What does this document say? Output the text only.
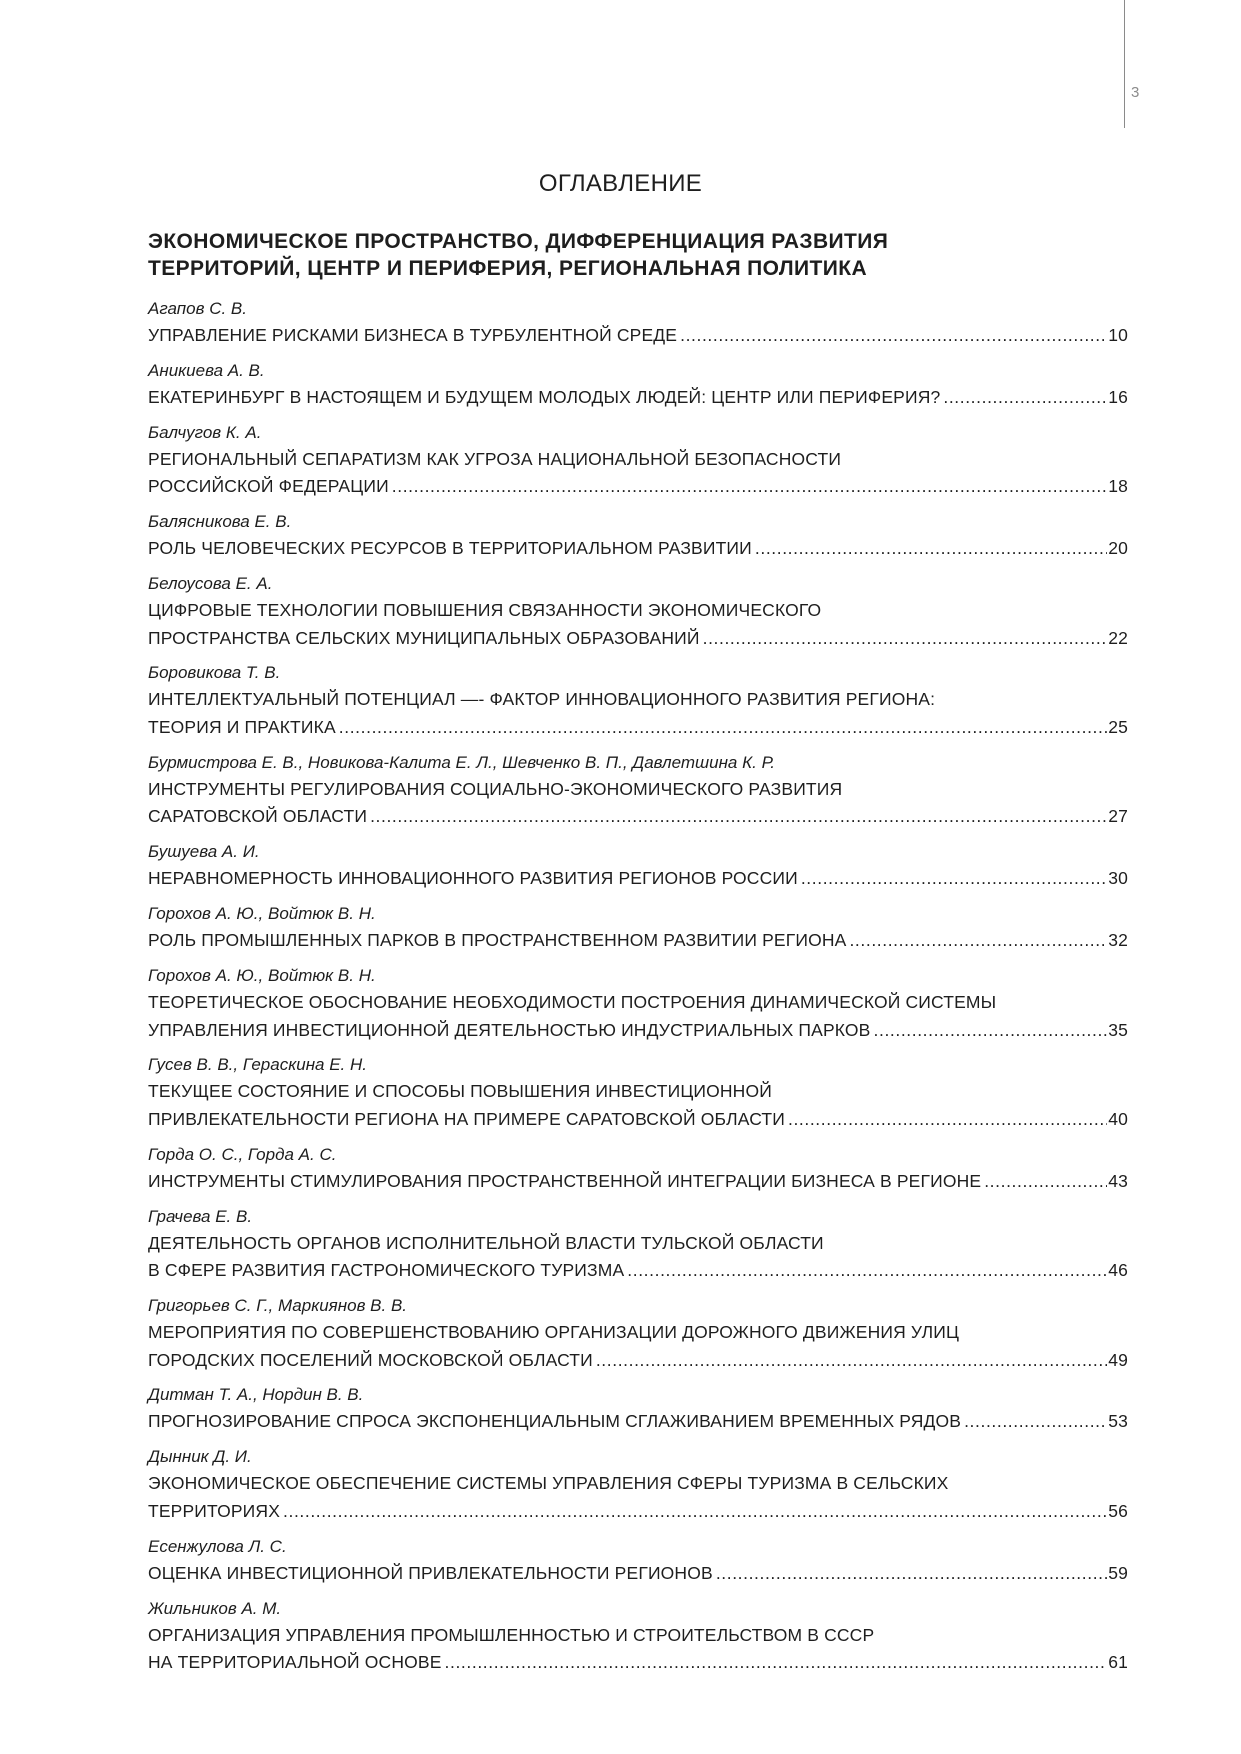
3
ОГЛАВЛЕНИЕ
ЭКОНОМИЧЕСКОЕ ПРОСТРАНСТВО, ДИФФЕРЕНЦИАЦИЯ РАЗВИТИЯ
ТЕРРИТОРИЙ, ЦЕНТР И ПЕРИФЕРИЯ, РЕГИОНАЛЬНАЯ ПОЛИТИКА
Агапов С. В.
УПРАВЛЕНИЕ РИСКАМИ БИЗНЕСА В ТУРБУЛЕНТНОЙ СРЕДЕ .....	10
Аникиева А. В.
ЕКАТЕРИНБУРГ В НАСТОЯЩЕМ И БУДУЩЕМ МОЛОДЫХ ЛЮДЕЙ: ЦЕНТР ИЛИ ПЕРИФЕРИЯ? .....	16
Балчугов К. А.
РЕГИОНАЛЬНЫЙ СЕПАРАТИЗМ КАК УГРОЗА НАЦИОНАЛЬНОЙ БЕЗОПАСНОСТИ
РОССИЙСКОЙ ФЕДЕРАЦИИ .....	18
Балясникова Е. В.
РОЛЬ ЧЕЛОВЕЧЕСКИХ РЕСУРСОВ В ТЕРРИТОРИАЛЬНОМ РАЗВИТИИ .....	20
Белоусова Е. А.
ЦИФРОВЫЕ ТЕХНОЛОГИИ ПОВЫШЕНИЯ СВЯЗАННОСТИ ЭКОНОМИЧЕСКОГО
ПРОСТРАНСТВА СЕЛЬСКИХ МУНИЦИПАЛЬНЫХ ОБРАЗОВАНИЙ .....	22
Боровикова Т. В.
ИНТЕЛЛЕКТУАЛЬНЫЙ ПОТЕНЦИАЛ —- ФАКТОР ИННОВАЦИОННОГО РАЗВИТИЯ РЕГИОНА:
ТЕОРИЯ И ПРАКТИКА .....	25
Бурмистрова Е. В., Новикова-Калита Е. Л., Шевченко В. П., Давлетшина К. Р.
ИНСТРУМЕНТЫ РЕГУЛИРОВАНИЯ СОЦИАЛЬНО-ЭКОНОМИЧЕСКОГО РАЗВИТИЯ
САРАТОВСКОЙ ОБЛАСТИ .....	27
Бушуева А. И.
НЕРАВНОМЕРНОСТЬ ИННОВАЦИОННОГО РАЗВИТИЯ РЕГИОНОВ РОССИИ .....	30
Горохов А. Ю., Войтюк В. Н.
РОЛЬ ПРОМЫШЛЕННЫХ ПАРКОВ В ПРОСТРАНСТВЕННОМ РАЗВИТИИ РЕГИОНА .....	32
Горохов А. Ю., Войтюк В. Н.
ТЕОРЕТИЧЕСКОЕ ОБОСНОВАНИЕ НЕОБХОДИМОСТИ ПОСТРОЕНИЯ ДИНАМИЧЕСКОЙ СИСТЕМЫ
УПРАВЛЕНИЯ ИНВЕСТИЦИОННОЙ ДЕЯТЕЛЬНОСТЬЮ ИНДУСТРИАЛЬНЫХ ПАРКОВ .....	35
Гусев В. В., Гераскина Е. Н.
ТЕКУЩЕЕ СОСТОЯНИЕ И СПОСОБЫ ПОВЫШЕНИЯ ИНВЕСТИЦИОННОЙ
ПРИВЛЕКАТЕЛЬНОСТИ РЕГИОНА НА ПРИМЕРЕ САРАТОВСКОЙ ОБЛАСТИ .....	40
Горда О. С., Горда А. С.
ИНСТРУМЕНТЫ СТИМУЛИРОВАНИЯ ПРОСТРАНСТВЕННОЙ ИНТЕГРАЦИИ БИЗНЕСА В РЕГИОНЕ .....	43
Грачева Е. В.
ДЕЯТЕЛЬНОСТЬ ОРГАНОВ ИСПОЛНИТЕЛЬНОЙ ВЛАСТИ ТУЛЬСКОЙ ОБЛАСТИ
В СФЕРЕ РАЗВИТИЯ ГАСТРОНОМИЧЕСКОГО ТУРИЗМА .....	46
Григорьев С. Г., Маркиянов В. В.
МЕРОПРИЯТИЯ ПО СОВЕРШЕНСТВОВАНИЮ ОРГАНИЗАЦИИ ДОРОЖНОГО ДВИЖЕНИЯ УЛИЦ
ГОРОДСКИХ ПОСЕЛЕНИЙ МОСКОВСКОЙ ОБЛАСТИ .....	49
Дитман Т. А., Нордин В. В.
ПРОГНОЗИРОВАНИЕ СПРОСА ЭКСПОНЕНЦИАЛЬНЫМ СГЛАЖИВАНИЕМ ВРЕМЕННЫХ РЯДОВ .....	53
Дынник Д. И.
ЭКОНОМИЧЕСКОЕ ОБЕСПЕЧЕНИЕ СИСТЕМЫ УПРАВЛЕНИЯ СФЕРЫ ТУРИЗМА В СЕЛЬСКИХ
ТЕРРИТОРИЯХ .....	56
Есенжулова Л. С.
ОЦЕНКА ИНВЕСТИЦИОННОЙ ПРИВЛЕКАТЕЛЬНОСТИ РЕГИОНОВ .....	59
Жильников А. М.
ОРГАНИЗАЦИЯ УПРАВЛЕНИЯ ПРОМЫШЛЕННОСТЬЮ И СТРОИТЕЛЬСТВОМ В СССР
НА ТЕРРИТОРИАЛЬНОЙ ОСНОВЕ .....	61
